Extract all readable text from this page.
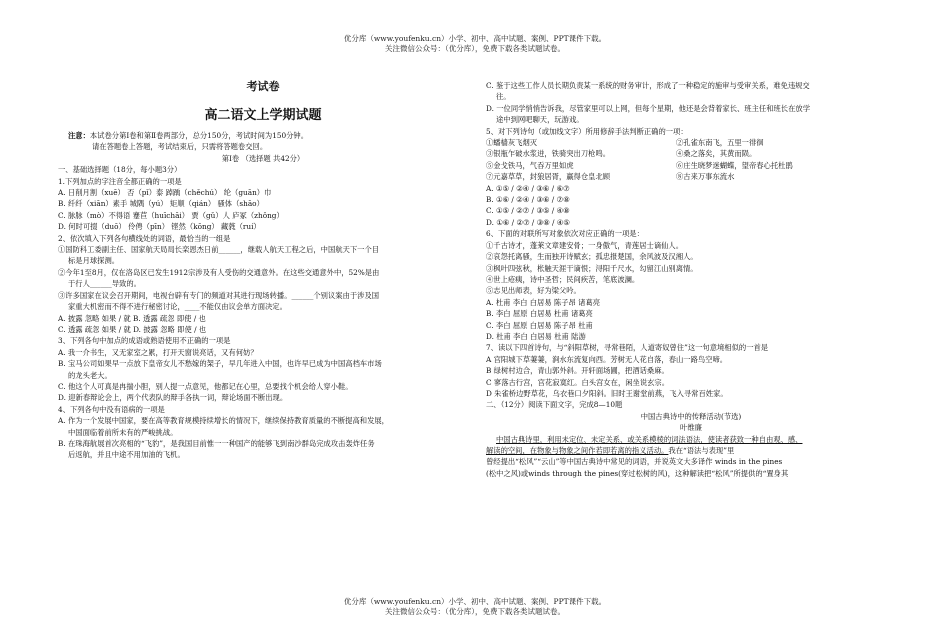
优分库（www.youfenku.cn）小学、初中、高中试题、案例、PPT课件下载。
关注微信公众号：（优分库），免费下载各类试题试卷。
考试卷
高二语文上学期试题
注意：本试卷分第Ⅰ卷和第Ⅱ卷两部分，总分150分，考试时间为150分钟。
请在答题卷上答题，考试结束后，只需将答题卷交回。
第Ⅰ卷 （选择题 共42分）
一、基础选择题（18分，每小题3分）
1.下列加点的字注音全都正确的一项是
A. 日削月割（xuē） 否（pǐ）泰 踔踽（chěchú） 纶（guān）巾
B. 纤纤（xiān）素手 城隅（yú） 矩顺（qián） 骚体（shāo）
C. 脉脉（mò）不得语 蹇苣（huīchāi） 贾（gǔ）人 庐冢（zhǒng）
D. 何时可掇（duō） 伶俜（pīn） 铿然（kōng） 藏蕤（ruí）
2、依次填入下列各句横线处的词语，最恰当的一组是
①国防科工委副主任、国家航天局局长栾恩杰日前______，继载人航天工程之后，中国航天下一个目
标是月球探测。
②今年1至8月，仅在洛岛区已发生1912宗涉及有人受伤的交通意外。在这些交通意外中，52%是由
于行人______导致的。
③许多国家在议会召开期间，电视台辟有专门的频道对其进行现场转播。______个别议案由于涉及国
家重大机密而不得不进行秘密讨论，____不能仅由议会单方面决定。
A. 披露 忽略 如果 / 就 B. 透露 疏忽 即使 / 也
C. 透露 疏忽 如果 / 就 D. 披露 忽略 即使 / 也
3、下列各句中加点的成语或熟语使用不正确的一项是
A. 我一介书生，又无家室之累，打开天窗说亮话，又有何妨？
B. 宝马公司如果早一点放下皇帝女儿不愁嫁的架子，早几年进入中国，也许早已成为中国高档车市场
的龙头老大。
C. 他这个人可真是冉揣小胆，别人提一点意见，他都记在心里，总要找个机会给人穿小鞋。
D. 迎新春辩论会上，两个代表队的辩手各执一词，辩论场面不断出现。
4、下列各句中没有语病的一项是
A. 作为一个发展中国家，要在高等教育规模持续增长的情况下，继续保持教育质量的不断提高和发展，
中国面临着前所未有的严峻挑战。
B. 在珠海航展首次亮相的“飞豹”，是我国目前惟一一种国产的能够飞到南沙群岛完成攻击轰炸任务
后返航，并且中途不用加油的飞机。
C. 鉴于这些工作人员长期负责某一系统的财务审计，形成了一种稳定的施审与受审关系，难免违规交
往。
D. 一位同学悄悄告诉我，尽管家里可以上网，但每个星期，他还是会背着家长、班主任和班长在放学
途中到网吧聊天，玩游戏。
5、对下列诗句（或加线文字）所用修辞手法判断正确的一项：
①蟠樯灰飞烟灭	②孔雀东南飞，五里一徘徊
③银瓶乍破水浆迸，铁骑突出刀枪鸣。	④桑之落矣，其黄而陨。
⑤金戈铁马，气吞万里如虎	⑥庄生晓梦迷蝴蝶，望帝春心托杜鹃
⑦元嘉草草，封狼居胥，赢得仓皇北顾	⑧古来万事东流水
A. ①⑤ / ②④ / ③⑥ / ⑥⑦
B. ①⑥ / ②④ / ③⑥ / ⑦⑧
C. ①⑤ / ②⑦ / ③⑤ / ④⑧
D. ①⑥ / ②⑦ / ③⑧ / ④⑤
6、下面的对联所写对象依次对应正确的一项是：
①千古诗才，蓬莱文章建安骨；一身傲气，青莲居士谪仙人。
②哀怨托离骚，生而独开诗赋玄；孤忠报楚国，余风波及汉湘人。
③枫叶四弦秋，枨触天涯干谪恨；浔阳千尺水，勾留江山别离情。
④世上疮痍，诗中圣哲；民间疾苦，笔底波澜。
⑤志见出师表，好为梁父吟。
A. 杜甫 李白 白居易 陈子昂 诸葛亮
B. 李白 屈原 白居易 杜甫 诸葛亮
C. 李白 屈原 白居易 陈子昂 杜甫
D. 杜甫 李白 白居易 杜甫 陆游
7、读以下四首诗句，与“斜阳草树，寻常巷陌，人道寄奴曾住”这一句意境相似的一首是
A 宫阳城下草萋萋，涧水东流复向西。芳树无人花自落，春山一路鸟空啼。
B 绿树村边合，青山郭外斜。开轩面场圃，把酒话桑麻。
C 寥落古行宫，宫花寂寞红。白头宫女在，闲坐说玄宗。
D 朱雀桥边野草花，乌衣巷口夕阳斜。旧时王谢堂前燕，飞入寻常百姓家。
二、（12分）阅读下面文字，完成8—10题
中国古典诗中的传释活动(节选)
叶维廉
中国古典诗里，利用未定位、未定关系、或关系模棱的词法语法，使读者获致一种自由观、感、
解读的空间，在物象与物象之间作若即若离的指义活动。我在“语法与表现”里
曾经提出“松风”“云山”等中国古典诗中常见的词语，并说英文大多译作 winds in the pines
(松中之风)或winds through the pines(穿过松树的风)，这种解读把“松风”所提供的“置身其
优分库（www.youfenku.cn）小学、初中、高中试题、案例、PPT课件下载。
关注微信公众号：（优分库），免费下载各类试题试卷。
